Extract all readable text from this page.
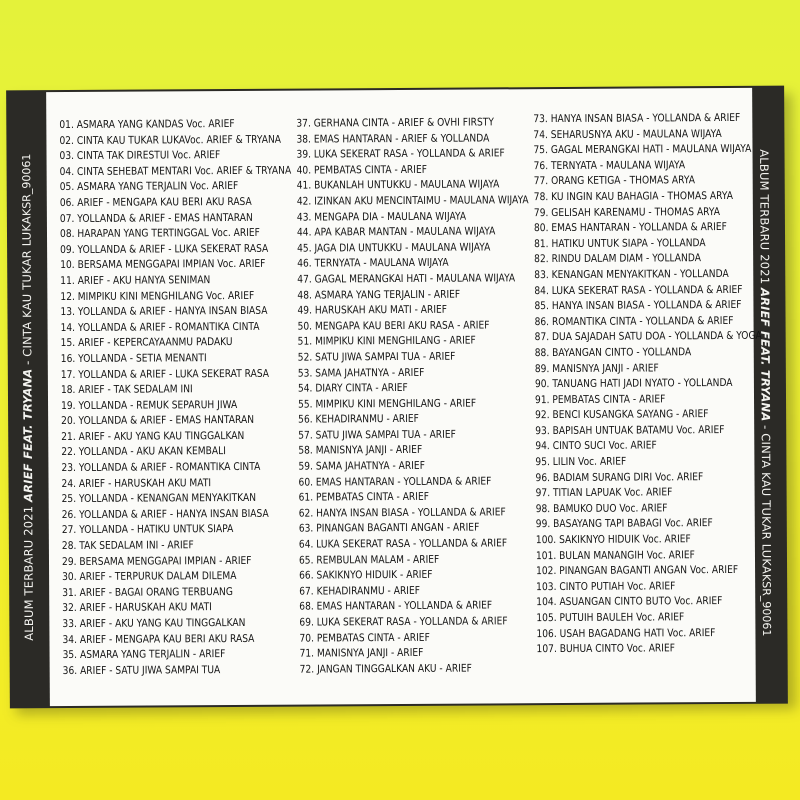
ALBUM TERBARU 2021 ARIEF FEAT. TRYANA - CINTA KAU TUKAR LUKA
KSR_90061
01. ASMARA YANG KANDAS Voc. ARIEF
02. CINTA KAU TUKAR LUKAVoc. ARIEF & TRYANA
03. CINTA TAK DIRESTUI Voc. ARIEF
04. CINTA SEHEBAT MENTARI Voc. ARIEF & TRYANA
05. ASMARA YANG TERJALIN Voc. ARIEF
06. ARIEF - MENGAPA KAU BERI AKU RASA
07. YOLLANDA & ARIEF - EMAS HANTARAN
08. HARAPAN YANG TERTINGGAL Voc. ARIEF
09. YOLLANDA & ARIEF - LUKA SEKERAT RASA
10. BERSAMA MENGGAPAI IMPIAN Voc. ARIEF
11. ARIEF - AKU HANYA SENIMAN
12. MIMPIKU KINI MENGHILANG Voc. ARIEF
13. YOLLANDA & ARIEF - HANYA INSAN BIASA
14. YOLLANDA & ARIEF - ROMANTIKA CINTA
15. ARIEF - KEPERCAYAANMU PADAKU
16. YOLLANDA - SETIA MENANTI
17. YOLLANDA & ARIEF - LUKA SEKERAT RASA
18. ARIEF - TAK SEDALAM INI
19. YOLLANDA - REMUK SEPARUH JIWA
20. YOLLANDA & ARIEF - EMAS HANTARAN
21. ARIEF - AKU YANG KAU TINGGALKAN
22. YOLLANDA - AKU AKAN KEMBALI
23. YOLLANDA & ARIEF - ROMANTIKA CINTA
24. ARIEF - HARUSKAH AKU MATI
25. YOLLANDA - KENANGAN MENYAKITKAN
26. YOLLANDA & ARIEF - HANYA INSAN BIASA
27. YOLLANDA - HATIKU UNTUK SIAPA
28. TAK SEDALAM INI - ARIEF
29. BERSAMA MENGGAPAI IMPIAN - ARIEF
30. ARIEF - TERPURUK DALAM DILEMA
31. ARIEF - BAGAI ORANG TERBUANG
32. ARIEF - HARUSKAH AKU MATI
33. ARIEF - AKU YANG KAU TINGGALKAN
34. ARIEF - MENGAPA KAU BERI AKU RASA
35. ASMARA YANG TERJALIN - ARIEF
36. ARIEF - SATU JIWA SAMPAI TUA
37. GERHANA CINTA - ARIEF & OVHI FIRSTY
38. EMAS HANTARAN - ARIEF & YOLLANDA
39. LUKA SEKERAT RASA - YOLLANDA & ARIEF
40. PEMBATAS CINTA - ARIEF
41. BUKANLAH UNTUKKU - MAULANA WIJAYA
42. IZINKAN AKU MENCINTAIMU - MAULANA WIJAYA
43. MENGAPA DIA - MAULANA WIJAYA
44. APA KABAR MANTAN - MAULANA WIJAYA
45. JAGA DIA UNTUKKU - MAULANA WIJAYA
46. TERNYATA - MAULANA WIJAYA
47. GAGAL MERANGKAI HATI - MAULANA WIJAYA
48. ASMARA YANG TERJALIN - ARIEF
49. HARUSKAH AKU MATI - ARIEF
50. MENGAPA KAU BERI AKU RASA - ARIEF
51. MIMPIKU KINI MENGHILANG - ARIEF
52. SATU JIWA SAMPAI TUA - ARIEF
53. SAMA JAHATNYA - ARIEF
54. DIARY CINTA - ARIEF
55. MIMPIKU KINI MENGHILANG - ARIEF
56. KEHADIRANMU - ARIEF
57. SATU JIWA SAMPAI TUA - ARIEF
58. MANISNYA JANJI - ARIEF
59. SAMA JAHATNYA - ARIEF
60. EMAS HANTARAN - YOLLANDA & ARIEF
61. PEMBATAS CINTA - ARIEF
62. HANYA INSAN BIASA - YOLLANDA & ARIEF
63. PINANGAN BAGANTI ANGAN - ARIEF
64. LUKA SEKERAT RASA - YOLLANDA & ARIEF
65. REMBULAN MALAM - ARIEF
66. SAKIKNYO HIDUIK - ARIEF
67. KEHADIRANMU - ARIEF
68. EMAS HANTARAN - YOLLANDA & ARIEF
69. LUKA SEKERAT RASA - YOLLANDA & ARIEF
70. PEMBATAS CINTA - ARIEF
71. MANISNYA JANJI - ARIEF
72. JANGAN TINGGALKAN AKU - ARIEF
73. HANYA INSAN BIASA - YOLLANDA & ARIEF
74. SEHARUSNYA AKU - MAULANA WIJAYA
75. GAGAL MERANGKAI HATI - MAULANA WIJAYA
76. TERNYATA - MAULANA WIJAYA
77. ORANG KETIGA - THOMAS ARYA
78. KU INGIN KAU BAHAGIA - THOMAS ARYA
79. GELISAH KARENAMU - THOMAS ARYA
80. EMAS HANTARAN - YOLLANDA & ARIEF
81. HATIKU UNTUK SIAPA - YOLLANDA
82. RINDU DALAM DIAM - YOLLANDA
83. KENANGAN MENYAKITKAN - YOLLANDA
84. LUKA SEKERAT RASA - YOLLANDA & ARIEF
85. HANYA INSAN BIASA - YOLLANDA & ARIEF
86. ROMANTIKA CINTA - YOLLANDA & ARIEF
87. DUA SAJADAH SATU DOA - YOLLANDA & YOGA
88. BAYANGAN CINTO - YOLLANDA
89. MANISNYA JANJI - ARIEF
90. TANUANG HATI JADI NYATO - YOLLANDA
91. PEMBATAS CINTA - ARIEF
92. BENCI KUSANGKA SAYANG - ARIEF
93. BAPISAH UNTUAK BATAMU Voc. ARIEF
94. CINTO SUCI Voc. ARIEF
95. LILIN Voc. ARIEF
96. BADIAM SURANG DIRI Voc. ARIEF
97. TITIAN LAPUAK Voc. ARIEF
98. BAMUKO DUO Voc. ARIEF
99. BASAYANG TAPI BABAGI Voc. ARIEF
100. SAKIKNYO HIDUIK Voc. ARIEF
101. BULAN MANANGIH Voc. ARIEF
102. PINANGAN BAGANTI ANGAN Voc. ARIEF
103. CINTO PUTIAH Voc. ARIEF
104. ASUANGAN CINTO BUTO Voc. ARIEF
105. PUTUIH BAULEH Voc. ARIEF
106. USAH BAGADANG HATI Voc. ARIEF
107. BUHUA CINTO Voc. ARIEF
ALBUM TERBARU 2021 ARIEF FEAT. TRYANA - CINTA KAU TUKAR LUKA
KSR_90061
